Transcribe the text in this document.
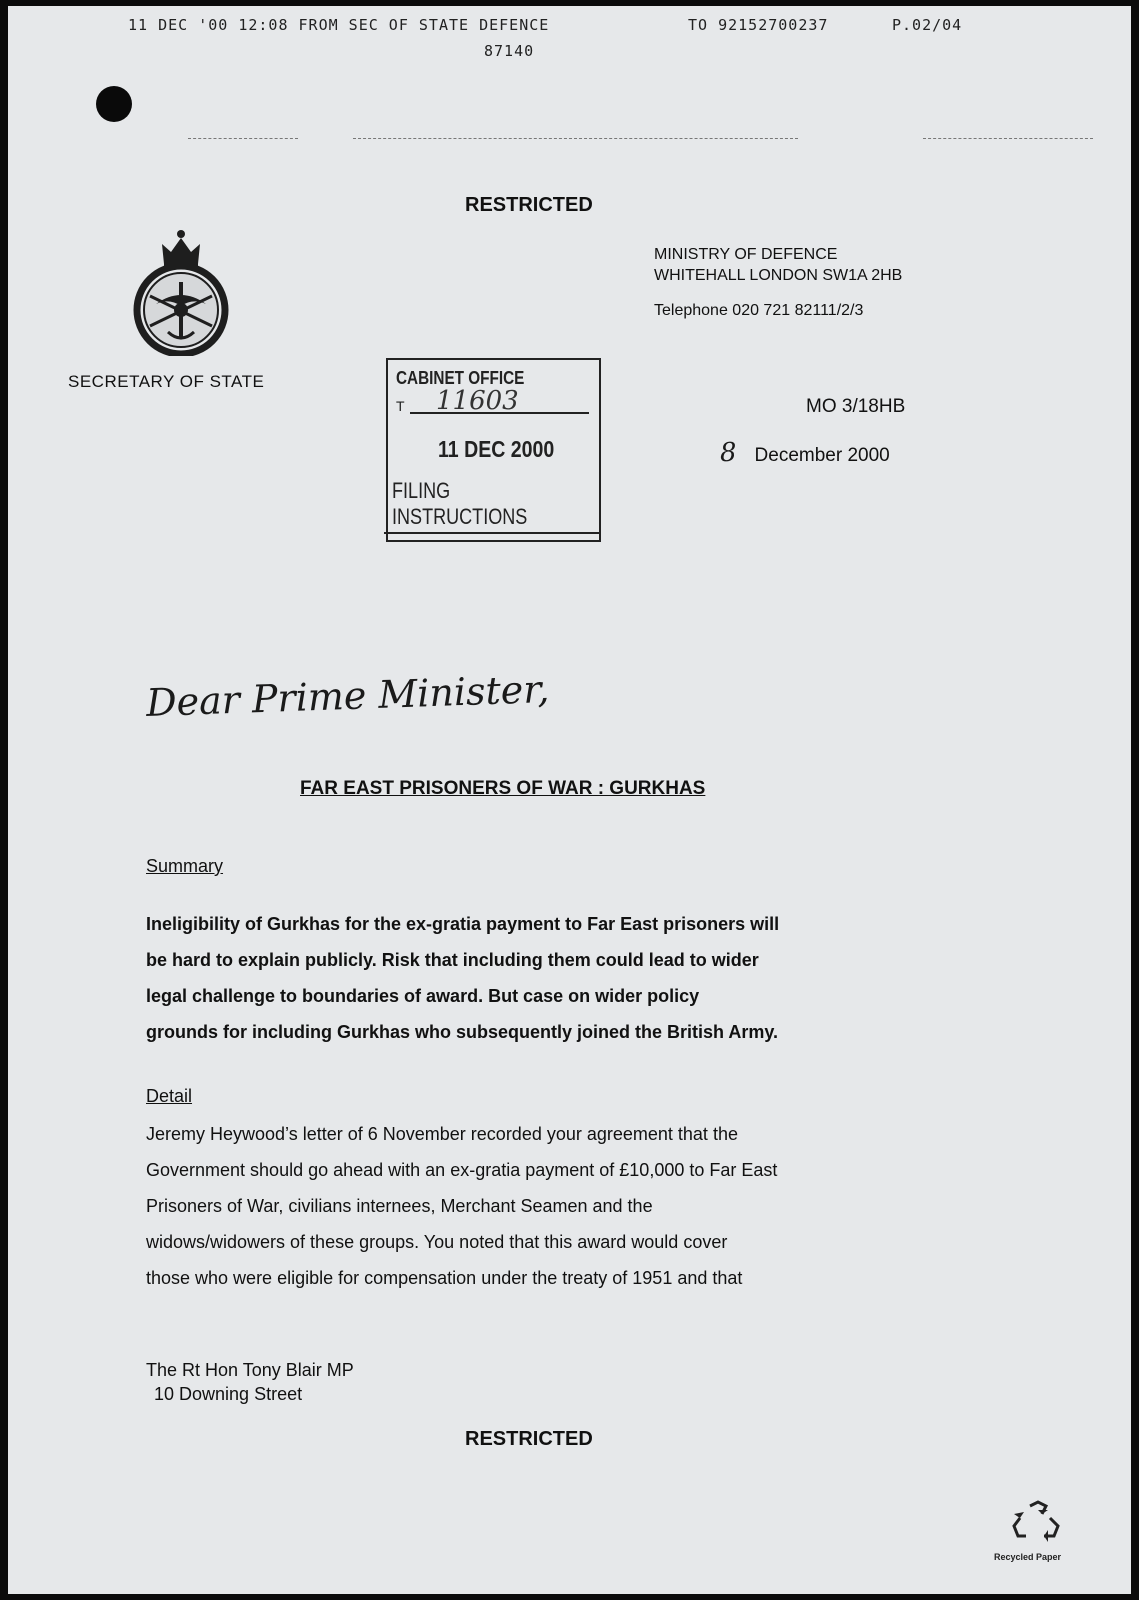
11 DEC '00 12:08 FROM SEC OF STATE DEFENCE
87140
TO 92152700237	P.02/04
RESTRICTED
SECRETARY OF STATE
MINISTRY OF DEFENCE
WHITEHALL LONDON SW1A 2HB
Telephone 020 721 82111/2/3
CABINET OFFICE
T 11603
11 DEC 2000
FILING INSTRUCTIONS
MO 3/18HB
8 December 2000
Dear Prime Minister,
FAR EAST PRISONERS OF WAR : GURKHAS
Summary
Ineligibility of Gurkhas for the ex-gratia payment to Far East prisoners will
be hard to explain publicly. Risk that including them could lead to wider
legal challenge to boundaries of award. But case on wider policy
grounds for including Gurkhas who subsequently joined the British Army.
Detail
Jeremy Heywood’s letter of 6 November recorded your agreement that the
Government should go ahead with an ex-gratia payment of £10,000 to Far East
Prisoners of War, civilians internees, Merchant Seamen and the
widows/widowers of these groups. You noted that this award would cover
those who were eligible for compensation under the treaty of 1951 and that
The Rt Hon Tony Blair MP
10 Downing Street
RESTRICTED
Recycled Paper
